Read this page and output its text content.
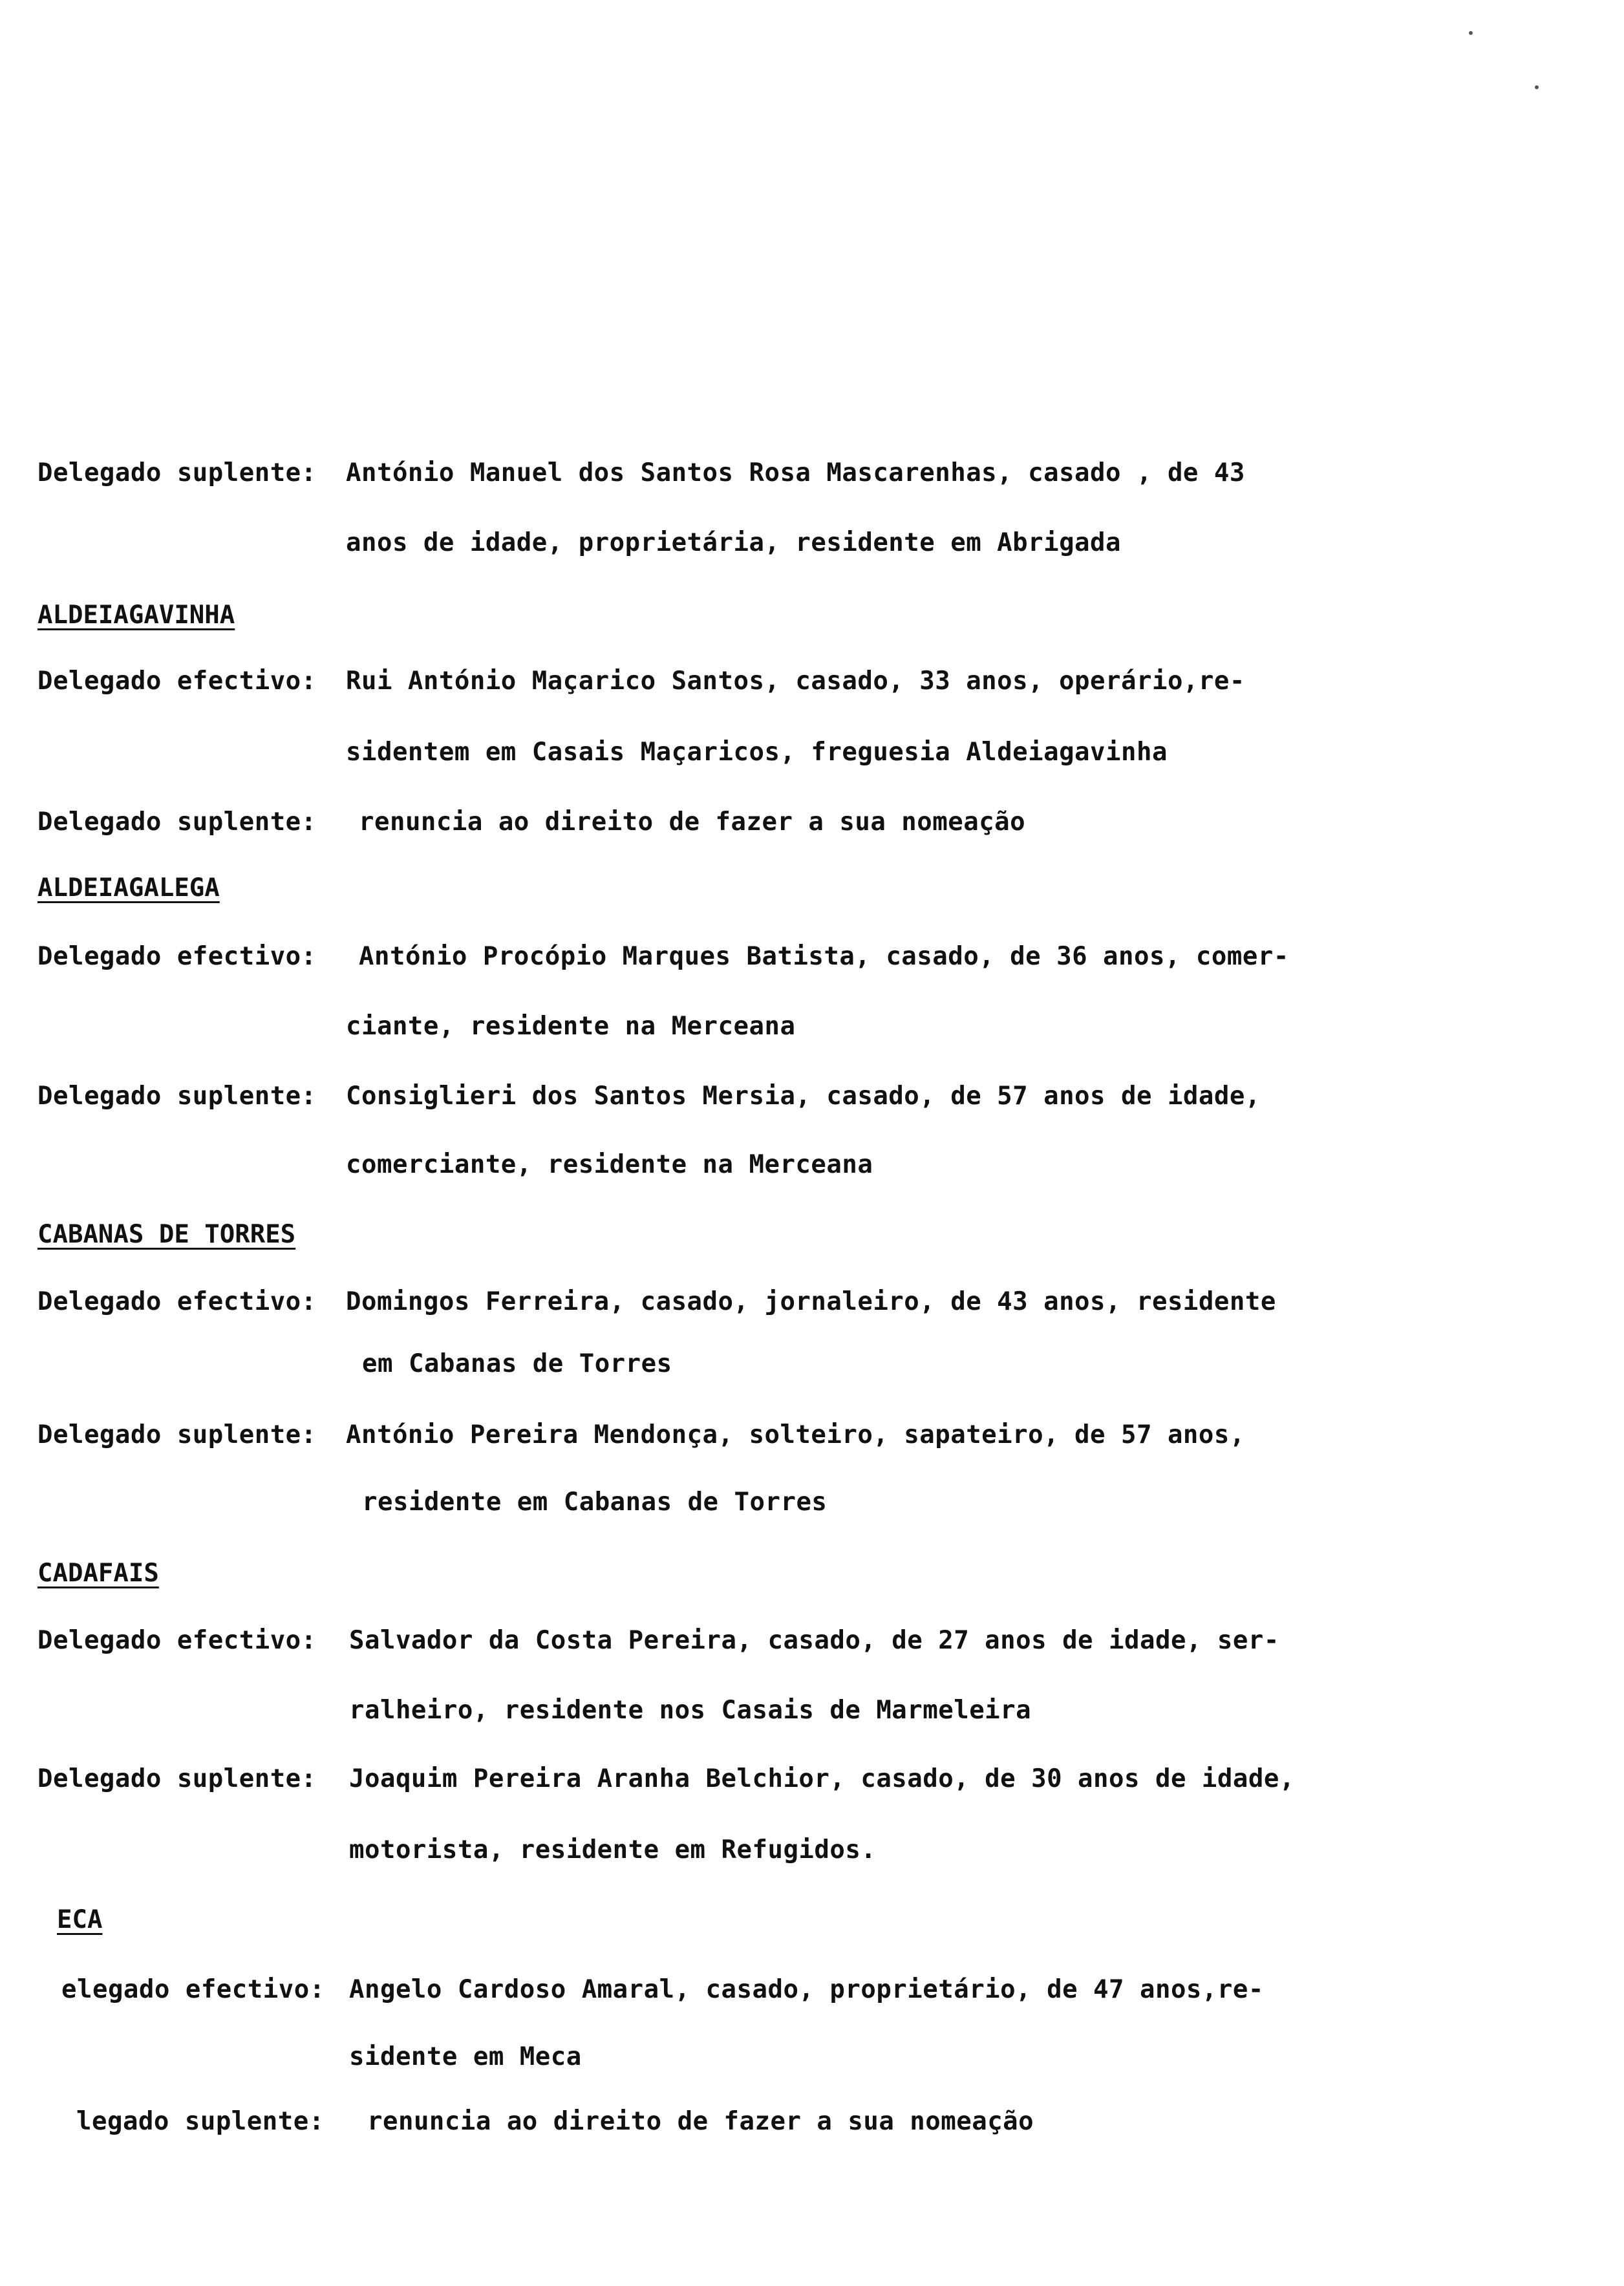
Delegado suplente: António Manuel dos Santos Rosa Mascarenhas, casado , de 43
anos de idade, proprietária, residente em Abrigada
ALDEIAGAVINHA
Delegado efectivo: Rui António Maçarico Santos, casado, 33 anos, operário,re-
sidentem em Casais Maçaricos, freguesia Aldeiagavinha
Delegado suplente: renuncia ao direito de fazer a sua nomeação
ALDEIAGALEGA
Delegado efectivo: António Procópio Marques Batista, casado, de 36 anos, comer-
ciante, residente na Merceana
Delegado suplente: Consiglieri dos Santos Mersia, casado, de 57 anos de idade,
comerciante, residente na Merceana
CABANAS DE TORRES
Delegado efectivo: Domingos Ferreira, casado, jornaleiro, de 43 anos, residente
em Cabanas de Torres
Delegado suplente: António Pereira Mendonça, solteiro, sapateiro, de 57 anos,
residente em Cabanas de Torres
CADAFAIS
Delegado efectivo: Salvador da Costa Pereira, casado, de 27 anos de idade, ser-
ralheiro, residente nos Casais de Marmeleira
Delegado suplente: Joaquim Pereira Aranha Belchior, casado, de 30 anos de idade,
motorista, residente em Refugidos.
ECA
elegado efectivo: Angelo Cardoso Amaral, casado, proprietário, de 47 anos,re-
sidente em Meca
legado suplente: renuncia ao direito de fazer a sua nomeação
